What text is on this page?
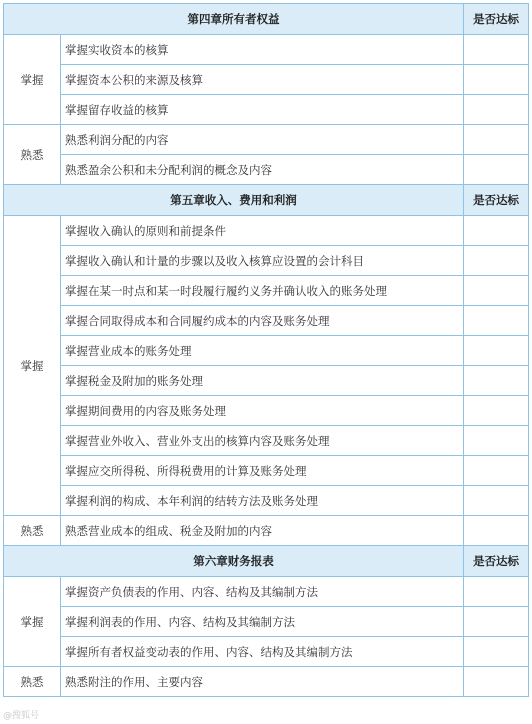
第四章所有者权益		是否达标
掌握	掌握实收资本的核算	
	掌握资本公积的来源及核算	
	掌握留存收益的核算	
熟悉	熟悉利润分配的内容	
	熟悉盈余公积和未分配利润的概念及内容	
第五章收入、费用和利润		是否达标
掌握	掌握收入确认的原则和前提条件	
	掌握收入确认和计量的步骤以及收入核算应设置的会计科目	
	掌握在某一时点和某一时段履行履约义务并确认收入的账务处理	
	掌握合同取得成本和合同履约成本的内容及账务处理	
	掌握营业成本的账务处理	
	掌握税金及附加的账务处理	
	掌握期间费用的内容及账务处理	
	掌握营业外收入、营业外支出的核算内容及账务处理	
	掌握应交所得税、所得税费用的计算及账务处理	
	掌握利润的构成、本年利润的结转方法及账务处理	
熟悉	熟悉营业成本的组成、税金及附加的内容	
第六章财务报表		是否达标
掌握	掌握资产负债表的作用、内容、结构及其编制方法	
	掌握利润表的作用、内容、结构及其编制方法	
	掌握所有者权益变动表的作用、内容、结构及其编制方法	
熟悉	熟悉附注的作用、主要内容	
@搜狐号
